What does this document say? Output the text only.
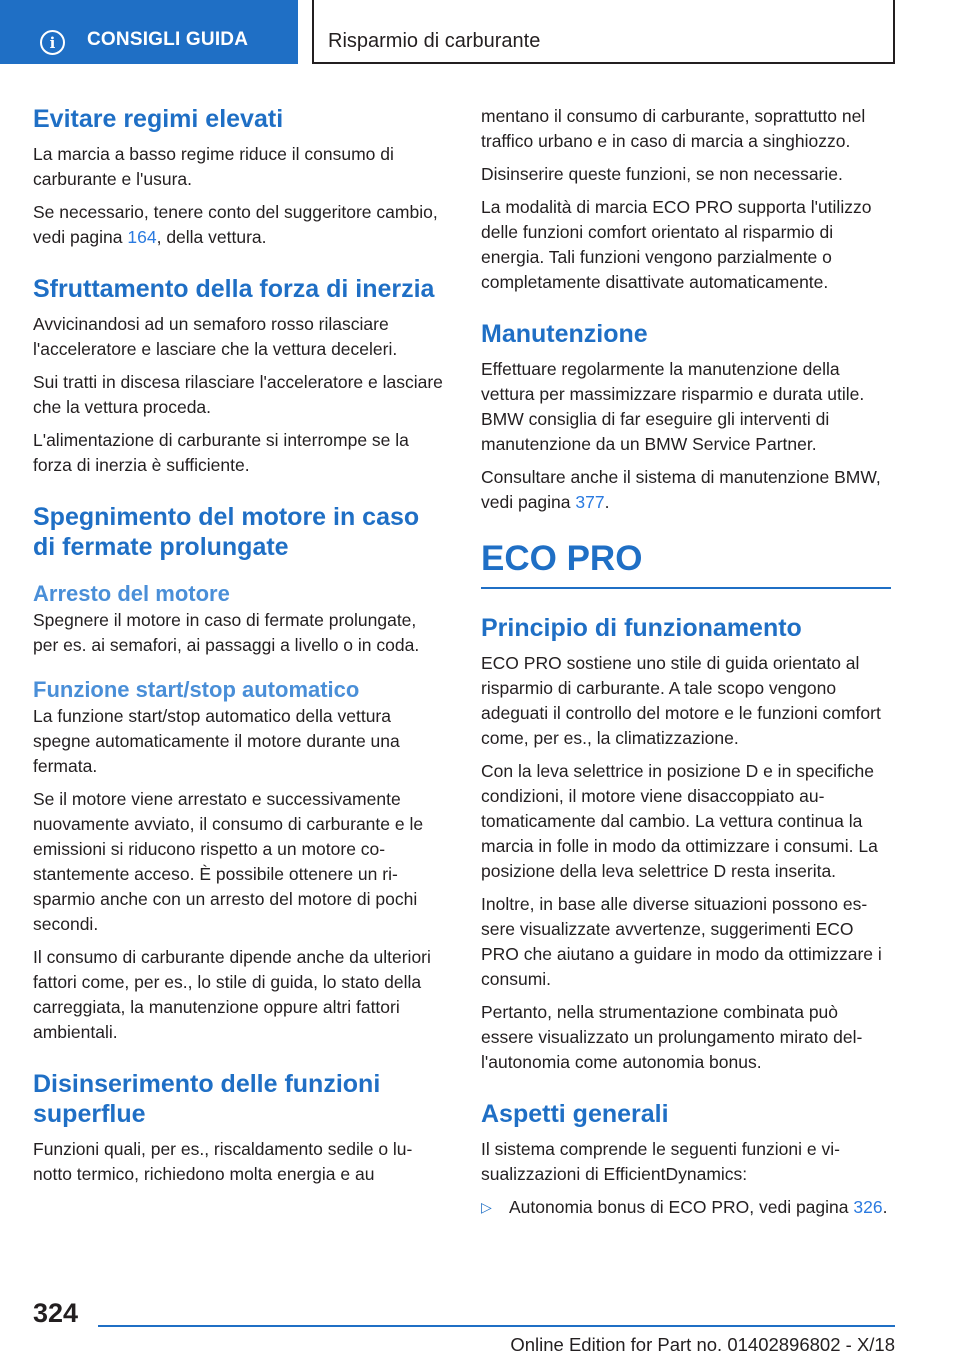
i	CONSIGLI GUIDA	Risparmio di carburante
Evitare regimi elevati

La marcia a basso regime riduce il consumo di carburante e l'usura.

Se necessario, tenere conto del suggeritore cambio, vedi pagina 164, della vettura.

Sfruttamento della forza di inerzia

Avvicinandosi ad un semaforo rosso rilasciare l'acceleratore e lasciare che la vettura deceleri.

Sui tratti in discesa rilasciare l'acceleratore e lasciare che la vettura proceda.

L'alimentazione di carburante si interrompe se la forza di inerzia è sufficiente.

Spegnimento del motore in caso di fermate prolungate
Arresto del motore

Spegnere il motore in caso di fermate prolungate, per es. ai semafori, ai passaggi a livello o in coda.

Funzione start/stop automatico

La funzione start/stop automatico della vettura spegne automaticamente il motore durante una fermata.

Se il motore viene arrestato e successivamente nuovamente avviato, il consumo di carburante e le emissioni si riducono rispetto a un motore costantemente acceso. È possibile ottenere un risparmio anche con un arresto del motore di pochi secondi.

Il consumo di carburante dipende anche da ulteriori fattori come, per es., lo stile di guida, lo stato della carreggiata, la manutenzione oppure altri fattori ambientali.

Disinserimento delle funzioni superflue

Funzioni quali, per es., riscaldamento sedile o lunotto termico, richiedono molta energia e au

mentano il consumo di carburante, soprattutto nel traffico urbano e in caso di marcia a singhiozzo.

Disinserire queste funzioni, se non necessarie.

La modalità di marcia ECO PRO supporta l'utilizzo delle funzioni comfort orientato al risparmio di energia. Tali funzioni vengono parzialmente o completamente disattivate automaticamente.

Manutenzione

Effettuare regolarmente la manutenzione della vettura per massimizzare risparmio e durata utile. BMW consiglia di far eseguire gli interventi di manutenzione da un BMW Service Partner.

Consultare anche il sistema di manutenzione BMW, vedi pagina 377.

ECO PRO
Principio di funzionamento

ECO PRO sostiene uno stile di guida orientato al risparmio di carburante. A tale scopo vengono adeguati il controllo del motore e le funzioni comfort come, per es., la climatizzazione.

Con la leva selettrice in posizione D e in specifiche condizioni, il motore viene disaccoppiato automaticamente dal cambio. La vettura continua la marcia in folle in modo da ottimizzare i consumi. La posizione della leva selettrice D resta inserita.

Inoltre, in base alle diverse situazioni possono essere visualizzate avvertenze, suggerimenti ECO PRO che aiutano a guidare in modo da ottimizzare i consumi.

Pertanto, nella strumentazione combinata può essere visualizzato un prolungamento mirato dell'autonomia come autonomia bonus.

Aspetti generali

Il sistema comprende le seguenti funzioni e visualizzazioni di EfficientDynamics:

▷ Autonomia bonus di ECO PRO, vedi pagina 326.

324
Online Edition for Part no. 01402896802 - X/18
